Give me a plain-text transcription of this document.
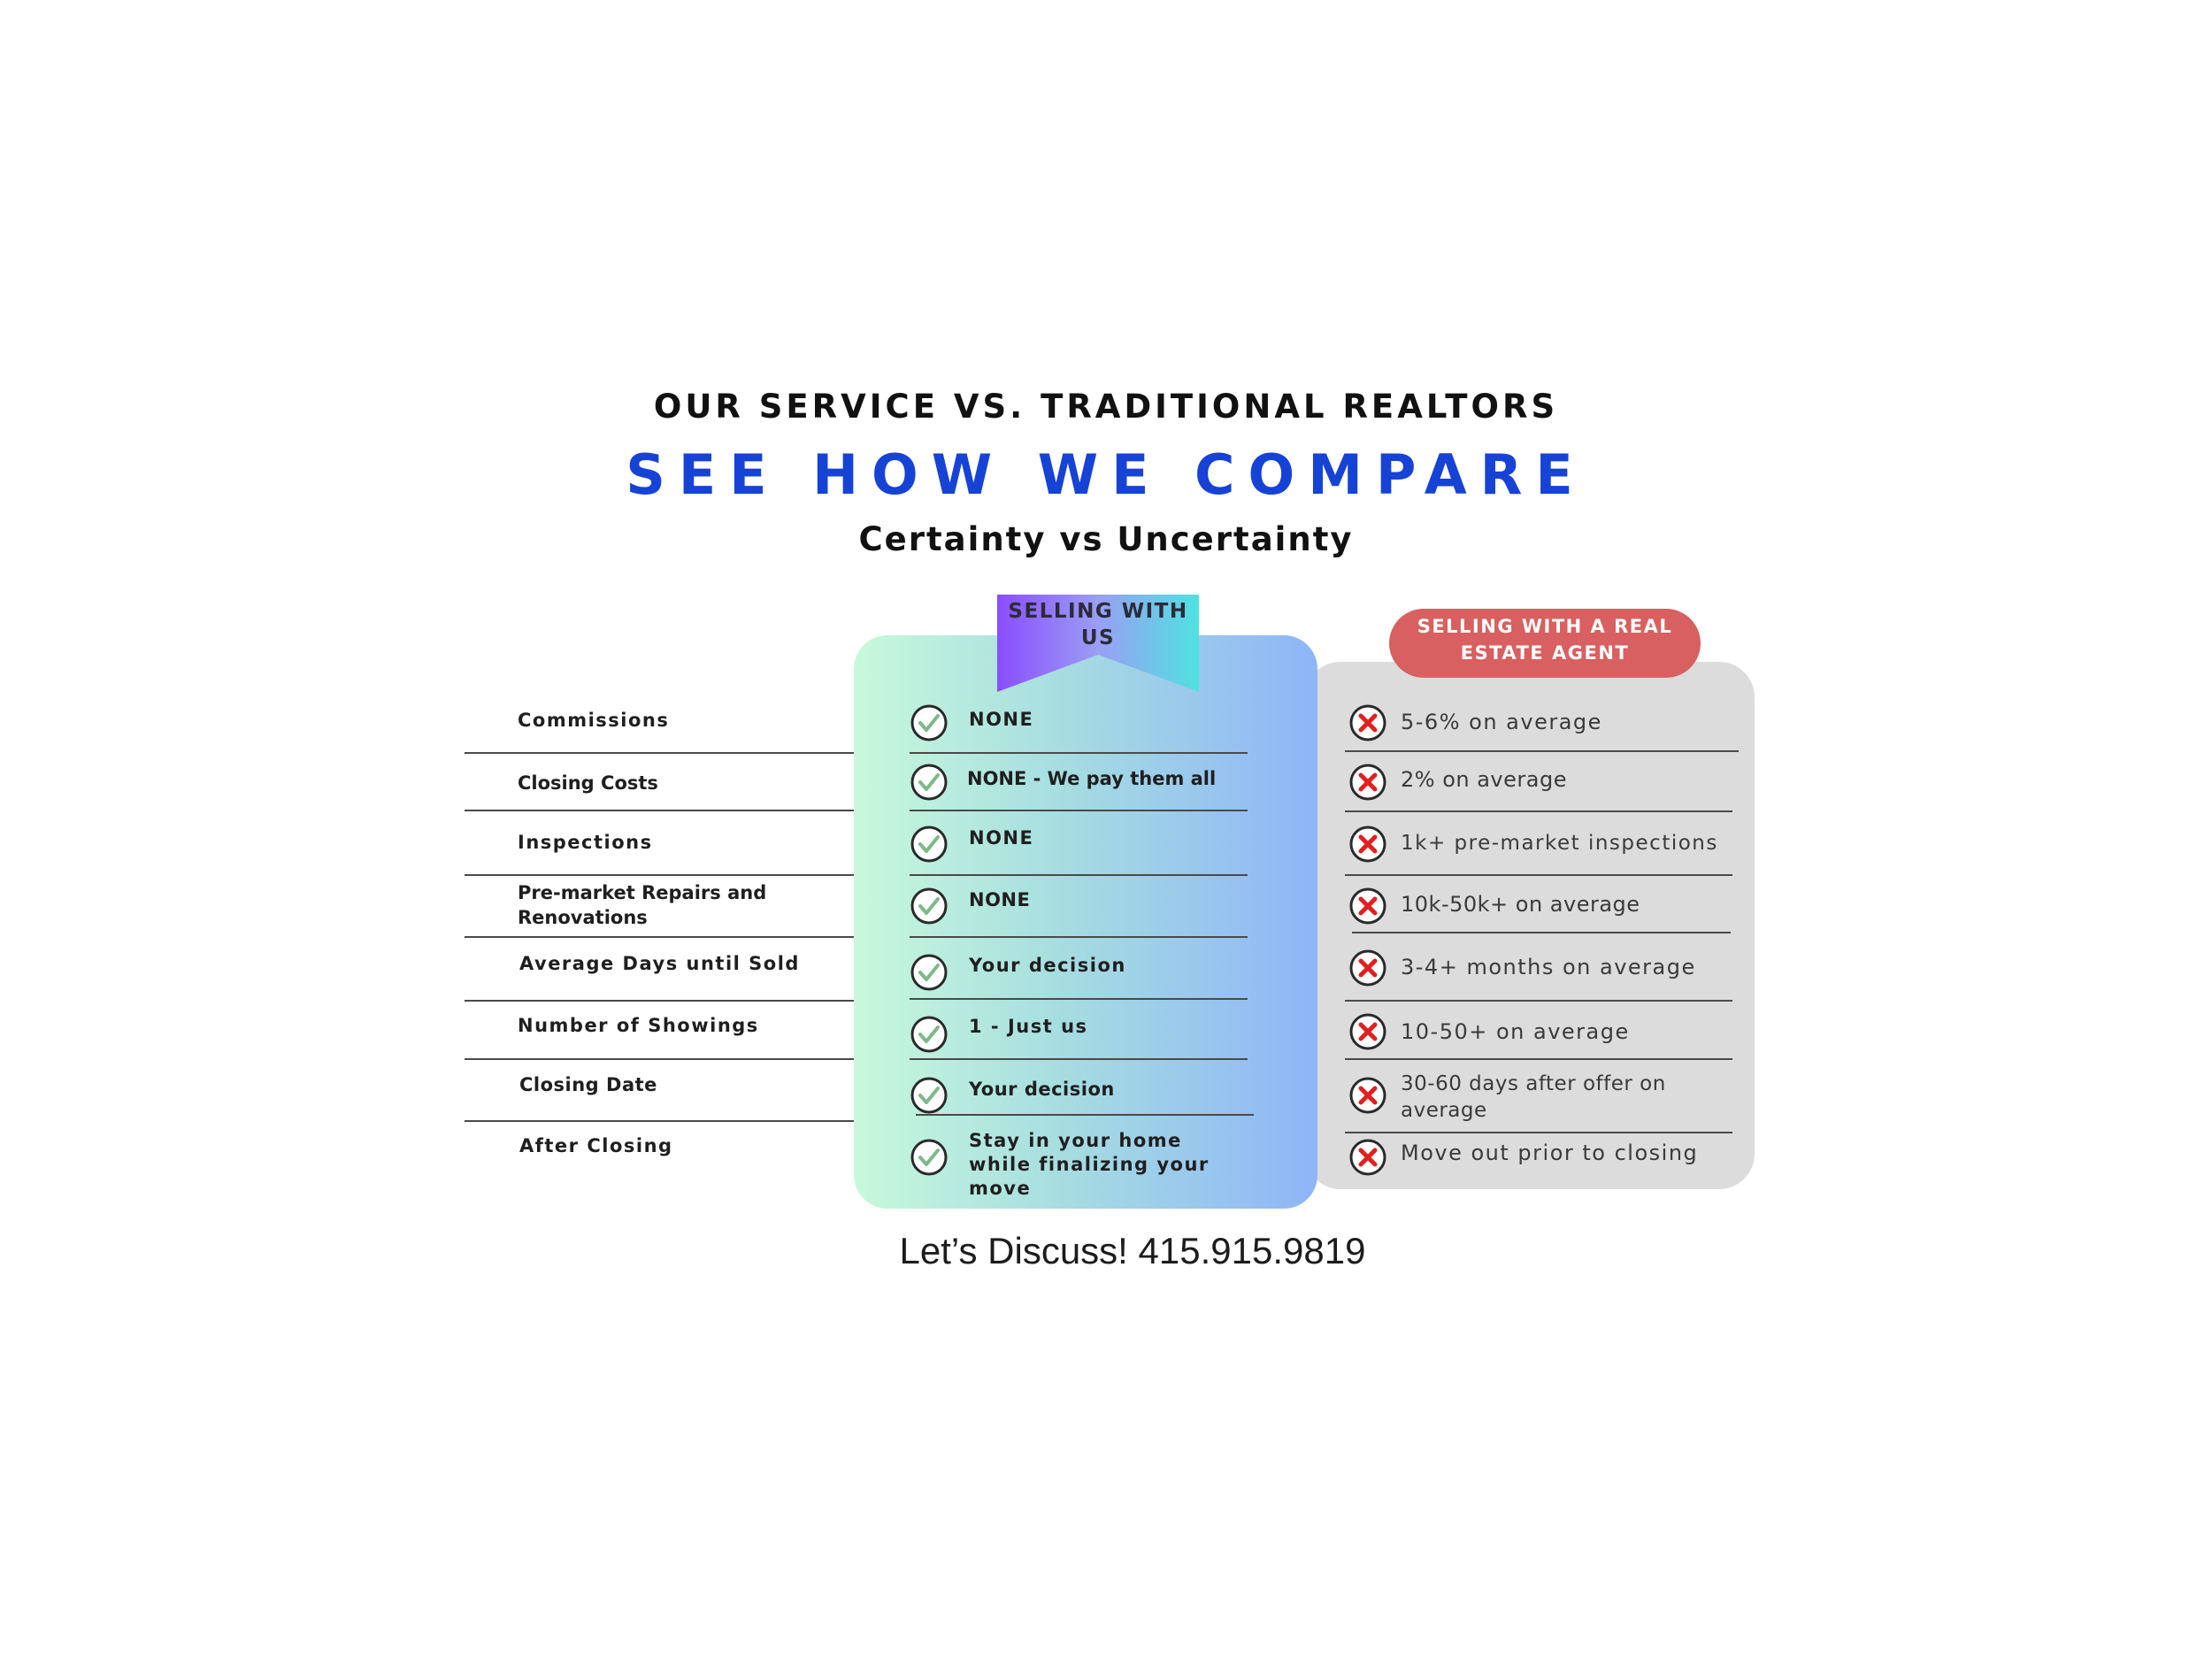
OUR SERVICE VS. TRADITIONAL REALTORS
SEE HOW WE COMPARE
Certainty vs Uncertainty
Commissions
Closing Costs
Inspections
Pre-market Repairs and Renovations
Average Days until Sold
Number of Showings
Closing Date
After Closing
SELLING WITH US	SELLING WITH A REAL ESTATE AGENT
NONE
NONE - We pay them all
NONE
NONE
Your decision
1 - Just us
Your decision
Stay in your home while finalizing your move
5-6% on average
2% on average
1k+ pre-market inspections
10k-50k+ on average
3-4+ months on average
10-50+ on average
30-60 days after offer on average
Move out prior to closing
Let’s Discuss! 415.915.9819
